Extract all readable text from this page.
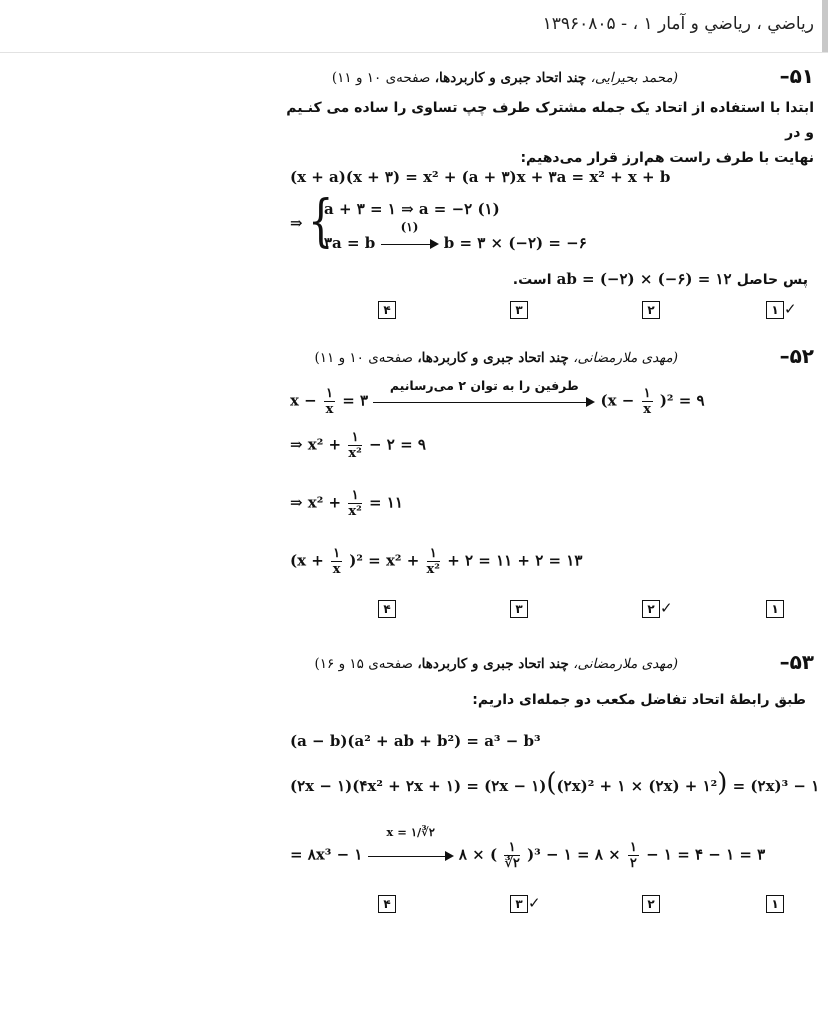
رياضي ، رياضي و آمار ۱ ، - ۱۳۹۶۰۸۰۵
۵۱–
(محمد بحیرایی، چند اتحاد جبری و کاربردها، صفحه‌ی ۱۰ و ۱۱)
ابتدا با استفاده از اتحاد یک جمله مشترک طرف چپ تساوی را ساده می کنـیم و در
نهایت با طرف راست هم‌ارز قرار می‌دهیم:
(x + a)(x + ۳) = x² + (a + ۳)x + ۳a = x² + x + b
⇒ {
a + ۳ = ۱ ⇒ a = −۲ (۱)
۳a = b
(۱)
b = ۳ × (−۲) = −۶
پس حاصل ab = (−۲) × (−۶) = ۱۲ است.
۱ ✓
۲
۳
۴
۵۲–
(مهدی ملارمضانی، چند اتحاد جبری و کاربردها، صفحه‌ی ۱۰ و ۱۱)
$x - \frac{۱}{x}$ = ۳
طرفین را به توان ۲ می‌رسانیم
$(x - \frac{۱}{x} )^2$ = ۹
⇒ $x^2 + \frac{۱}{\text{x²}}$ − ۲ = ۹
⇒ $x^2 + \frac{۱}{\text{x²}}$ = ۱۱
$(x + \frac{۱}{x} )^2 = x^2 + \frac{۱}{\text{x²}}$ + ۲ = ۱۱ + ۲ = ۱۳
۱
۲ ✓
۳
۴
۵۳–
(مهدی ملارمضانی، چند اتحاد جبری و کاربردها، صفحه‌ی ۱۵ و ۱۶)
طبق رابطهٔ اتحاد تفاضل مکعب دو جمله‌ای داریم:
(a − b)(a² + ab + b²) = a³ − b³
(۲x − ۱)(۴x² + ۲x + ۱) = (۲x − ۱)((۲x)² + ۱ × (۲x) + ۱²) = (۲x)³ − ۱
= ۸x³ − ۱
x = ۱/∛۲
۸ × ( $\frac{۱}{∛۲} )^3$ − ۱ = ۸ × $\frac{۱}{۲}$ − ۱ = ۴ − ۱ = ۳
۱
۲
۳ ✓
۴
